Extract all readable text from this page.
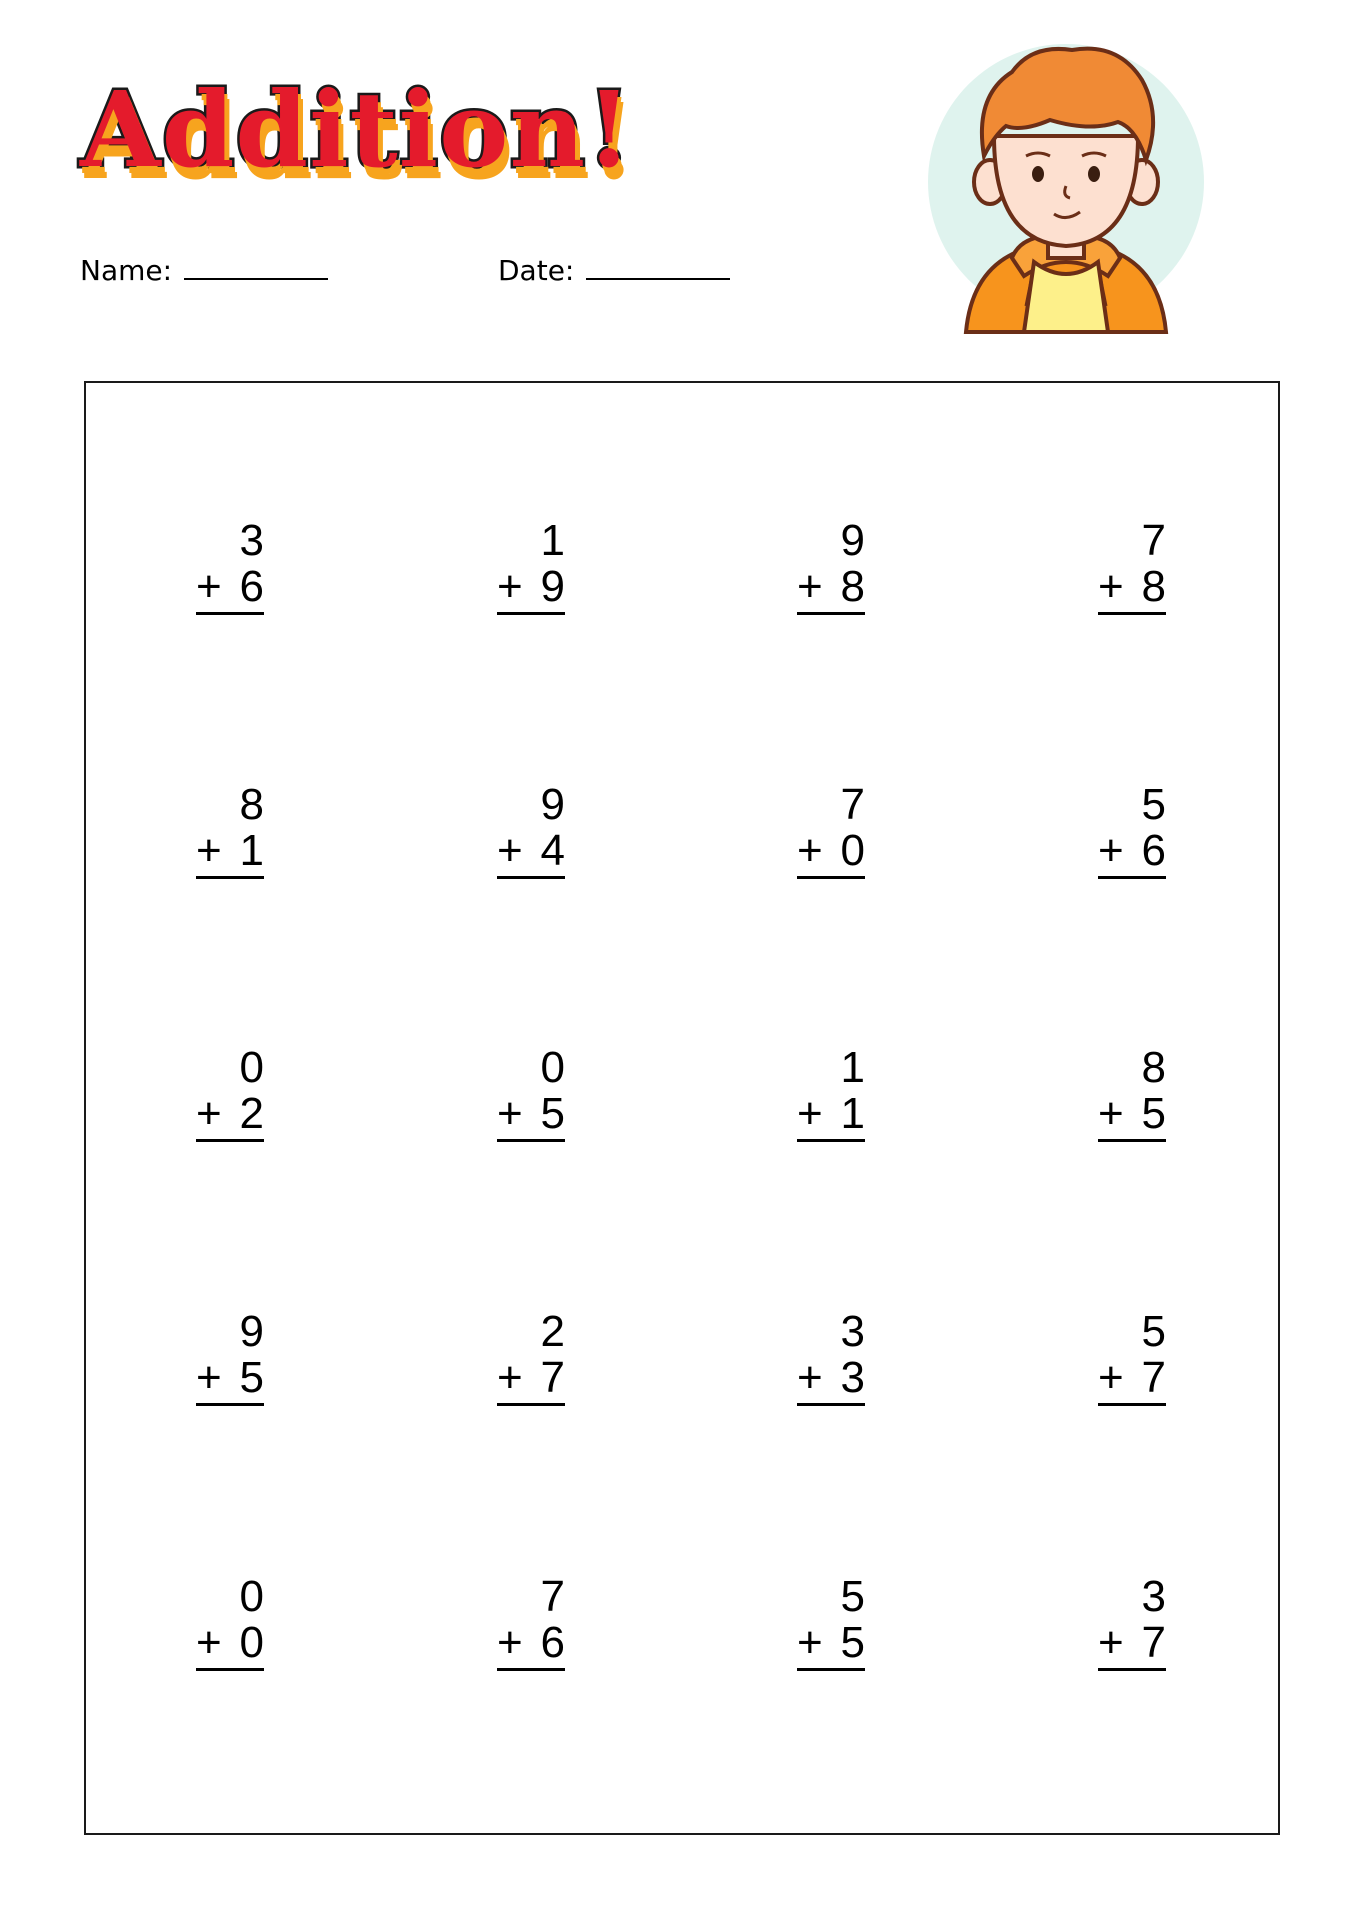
Addition!
Name:	Date:
3
+ 6
1
+ 9
9
+ 8
7
+ 8
8
+ 1
9
+ 4
7
+ 0
5
+ 6
0
+ 2
0
+ 5
1
+ 1
8
+ 5
9
+ 5
2
+ 7
3
+ 3
5
+ 7
0
+ 0
7
+ 6
5
+ 5
3
+ 7
